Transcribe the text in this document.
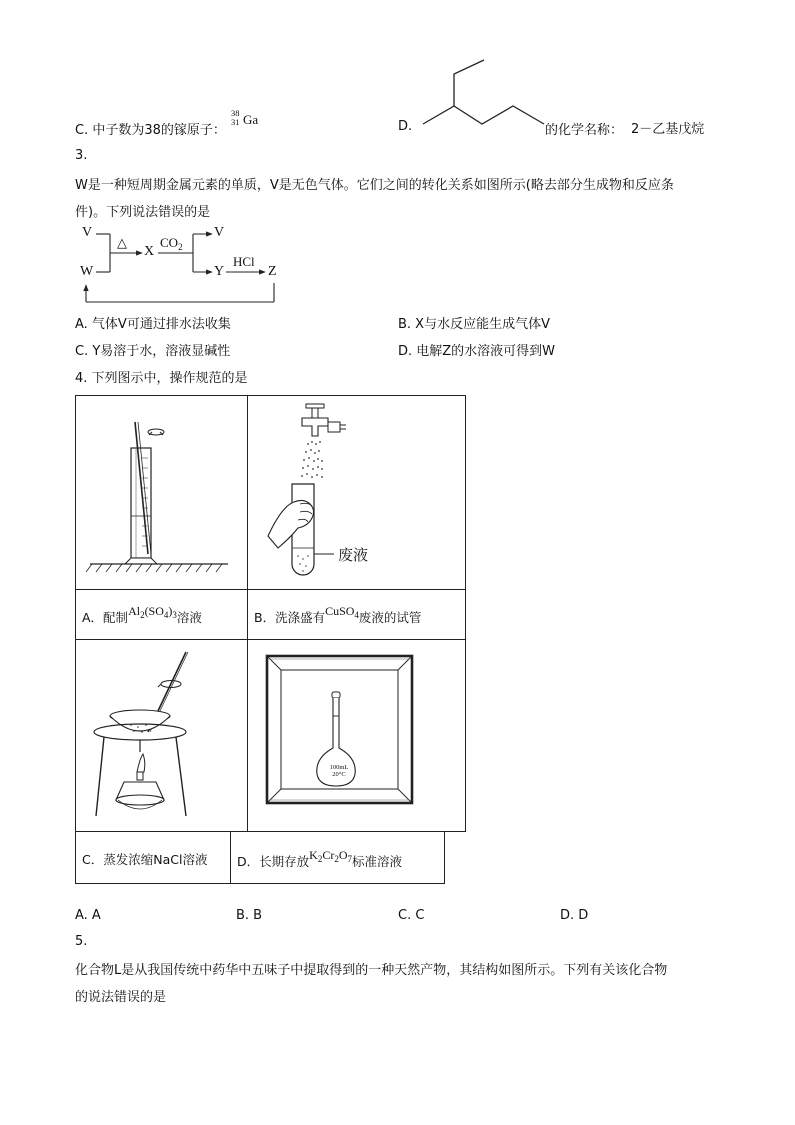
C. 中子数为38的镓原子：
38
31 Ga	D.	的化学名称： 2－乙基戊烷
3.
W是一种短周期金属元素的单质，V是无色气体。它们之间的转化关系如图所示(略去部分生成物和反应条
件)。下列说法错误的是
V
W
△
X
$CO_2$
V
Y
HCl
Z
A. 气体V可通过排水法收集	B. X与水反应能生成气体V
C. Y易溶于水，溶液显碱性	D. 电解Z的水溶液可得到W
4. 下列图示中，操作规范的是
废液
A．配制$Al_2(SO_4)_3$溶液	B．洗涤盛有CuSO$_4$废液的试管
100mL
20°C
C．蒸发浓缩NaCl溶液 D．长期存放$K_2Cr_2O_7$标准溶液
A. A	B. B	C. C	D. D
5.
化合物L是从我国传统中药华中五味子中提取得到的一种天然产物，其结构如图所示。下列有关该化合物
的说法错误的是
